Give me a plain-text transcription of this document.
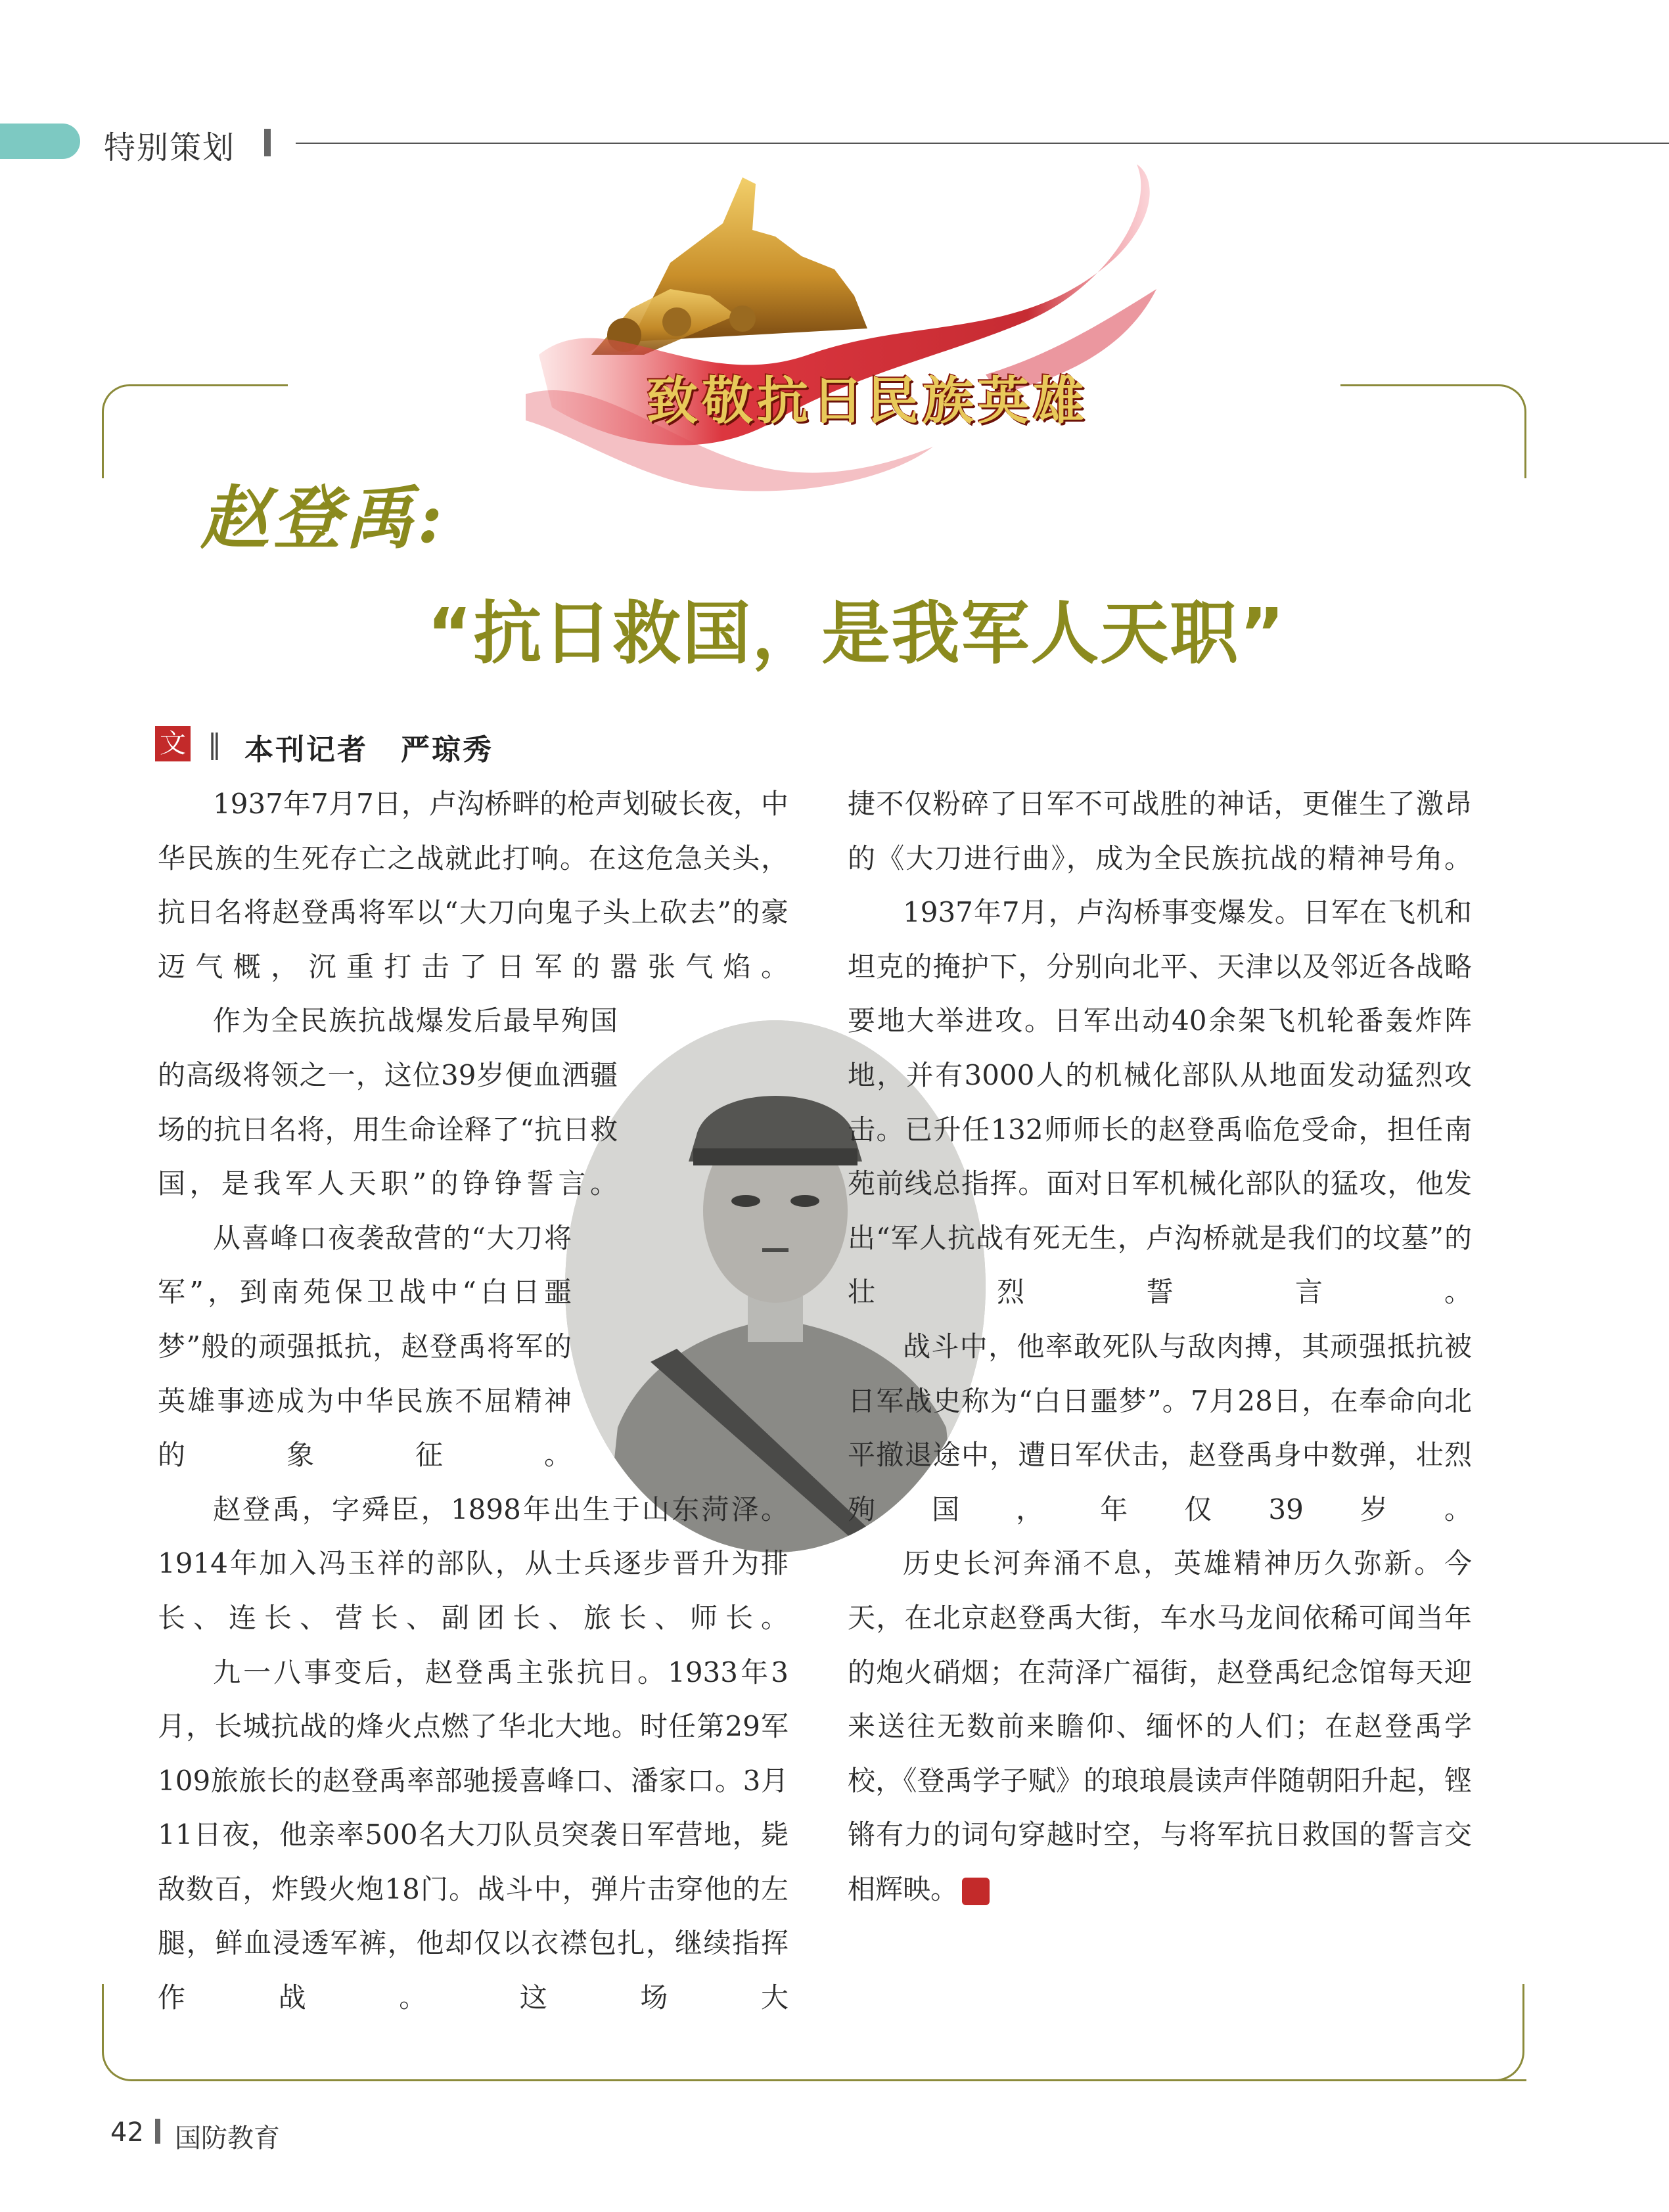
特别策划
致敬抗日民族英雄
赵登禹:
“抗日救国，是我军人天职”
文 ‖ 本刊记者 严琼秀

1937年7月7日，卢沟桥畔的枪声划破长夜，中华民族的生死存亡之战就此打响。在这危急关头，抗日名将赵登禹将军以“大刀向鬼子头上砍去”的豪迈气概，沉重打击了日军的嚣张气焰。

作为全民族抗战爆发后最早殉国的高级将领之一，这位39岁便血洒疆场的抗日名将，用生命诠释了“抗日救国，是我军人天职”的铮铮誓言。

从喜峰口夜袭敌营的“大刀将军”，到南苑保卫战中“白日噩梦”般的顽强抵抗，赵登禹将军的英雄事迹成为中华民族不屈精神的象征。

赵登禹，字舜臣，1898年出生于山东菏泽。1914年加入冯玉祥的部队，从士兵逐步晋升为排长、连长、营长、副团长、旅长、师长。

九一八事变后，赵登禹主张抗日。1933年3月，长城抗战的烽火点燃了华北大地。时任第29军109旅旅长的赵登禹率部驰援喜峰口、潘家口。3月11日夜，他亲率500名大刀队员突袭日军营地，毙敌数百，炸毁火炮18门。战斗中，弹片击穿他的左腿，鲜血浸透军裤，他却仅以衣襟包扎，继续指挥作战。这场大

捷不仅粉碎了日军不可战胜的神话，更催生了激昂的《大刀进行曲》，成为全民族抗战的精神号角。

1937年7月，卢沟桥事变爆发。日军在飞机和坦克的掩护下，分别向北平、天津以及邻近各战略要地大举进攻。日军出动40余架飞机轮番轰炸阵地，并有3000人的机械化部队从地面发动猛烈攻击。已升任132师师长的赵登禹临危受命，担任南苑前线总指挥。面对日军机械化部队的猛攻，他发出“军人抗战有死无生，卢沟桥就是我们的坟墓”的壮烈誓言。

战斗中，他率敢死队与敌肉搏，其顽强抵抗被日军战史称为“白日噩梦”。7月28日，在奉命向北平撤退途中，遭日军伏击，赵登禹身中数弹，壮烈殉国，年仅39岁。

历史长河奔涌不息，英雄精神历久弥新。今天，在北京赵登禹大街，车水马龙间依稀可闻当年的炮火硝烟；在菏泽广福街，赵登禹纪念馆每天迎来送往无数前来瞻仰、缅怀的人们；在赵登禹学校，《登禹学子赋》的琅琅晨读声伴随朝阳升起，铿锵有力的词句穿越时空，与将军抗日救国的誓言交相辉映。	G

42 国防教育
